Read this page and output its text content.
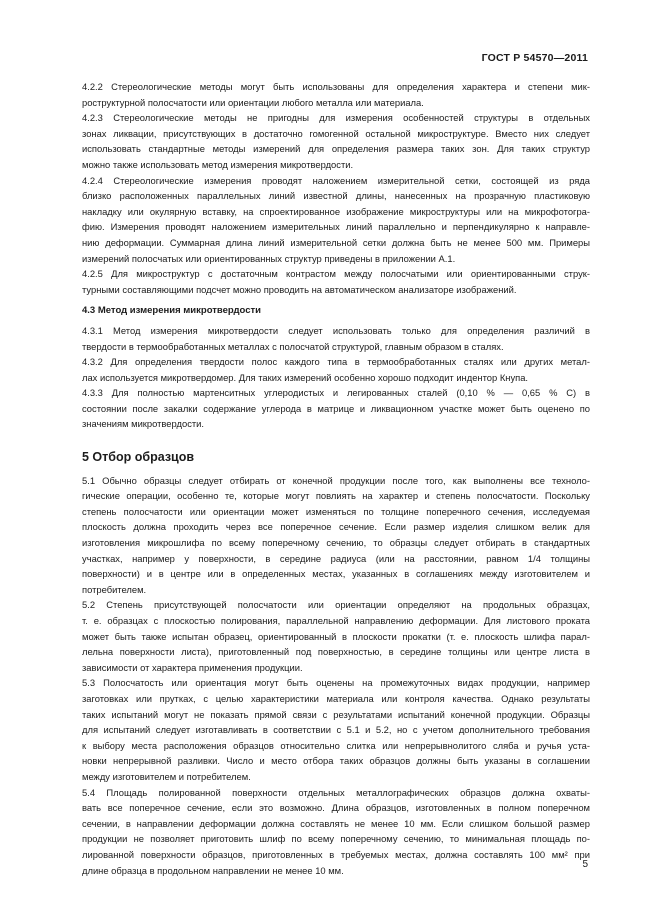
ГОСТ Р 54570—2011
4.2.2 Стереологические методы могут быть использованы для определения характера и степени мик-
роструктурной полосчатости или ориентации любого металла или материала.
4.2.3 Стереологические методы не пригодны для измерения особенностей структуры в отдельных
зонах ликвации, присутствующих в достаточно гомогенной остальной микроструктуре. Вместо них следует
использовать стандартные методы измерений для определения размера таких зон. Для таких структур
можно также использовать метод измерения микротвердости.
4.2.4 Стереологические измерения проводят наложением измерительной сетки, состоящей из ряда
близко расположенных параллельных линий известной длины, нанесенных на прозрачную пластиковую
накладку или окулярную вставку, на спроектированное изображение микроструктуры или на микрофотогра-
фию. Измерения проводят наложением измерительных линий параллельно и перпендикулярно к направле-
нию деформации. Суммарная длина линий измерительной сетки должна быть не менее 500 мм. Примеры
измерений полосчатых или ориентированных структур приведены в приложении А.1.
4.2.5 Для микроструктур с достаточным контрастом между полосчатыми или ориентированными струк-
турными составляющими подсчет можно проводить на автоматическом анализаторе изображений.
4.3 Метод измерения микротвердости
4.3.1 Метод измерения микротвердости следует использовать только для определения различий в
твердости в термообработанных металлах с полосчатой структурой, главным образом в сталях.
4.3.2 Для определения твердости полос каждого типа в термообработанных сталях или других метал-
лах используется микротвердомер. Для таких измерений особенно хорошо подходит индентор Кнупа.
4.3.3 Для полностью мартенситных углеродистых и легированных сталей (0,10 % — 0,65 % С) в
состоянии после закалки содержание углерода в матрице и ликвационном участке может быть оценено по
значениям микротвердости.
5 Отбор образцов
5.1 Обычно образцы следует отбирать от конечной продукции после того, как выполнены все техноло-
гические операции, особенно те, которые могут повлиять на характер и степень полосчатости. Поскольку
степень полосчатости или ориентации может изменяться по толщине поперечного сечения, исследуемая
плоскость должна проходить через все поперечное сечение. Если размер изделия слишком велик для
изготовления микрошлифа по всему поперечному сечению, то образцы следует отбирать в стандартных
участках, например у поверхности, в середине радиуса (или на расстоянии, равном 1/4 толщины
поверхности) и в центре или в определенных местах, указанных в соглашениях между изготовителем и
потребителем.
5.2 Степень присутствующей полосчатости или ориентации определяют на продольных образцах,
т. е. образцах с плоскостью полирования, параллельной направлению деформации. Для листового проката
может быть также испытан образец, ориентированный в плоскости прокатки (т. е. плоскость шлифа парал-
лельна поверхности листа), приготовленный под поверхностью, в середине толщины или центре листа в
зависимости от характера применения продукции.
5.3 Полосчатость или ориентация могут быть оценены на промежуточных видах продукции, например
заготовках или прутках, с целью характеристики материала или контроля качества. Однако результаты
таких испытаний могут не показать прямой связи с результатами испытаний конечной продукции. Образцы
для испытаний следует изготавливать в соответствии с 5.1 и 5.2, но с учетом дополнительного требования
к выбору места расположения образцов относительно слитка или непрерывнолитого сляба и ручья уста-
новки непрерывной разливки. Число и место отбора таких образцов должны быть указаны в соглашении
между изготовителем и потребителем.
5.4 Площадь полированной поверхности отдельных металлографических образцов должна охваты-
вать все поперечное сечение, если это возможно. Длина образцов, изготовленных в полном поперечном
сечении, в направлении деформации должна составлять не менее 10 мм. Если слишком большой размер
продукции не позволяет приготовить шлиф по всему поперечному сечению, то минимальная площадь по-
лированной поверхности образцов, приготовленных в требуемых местах, должна составлять 100 мм² при
длине образца в продольном направлении не менее 10 мм.	5
